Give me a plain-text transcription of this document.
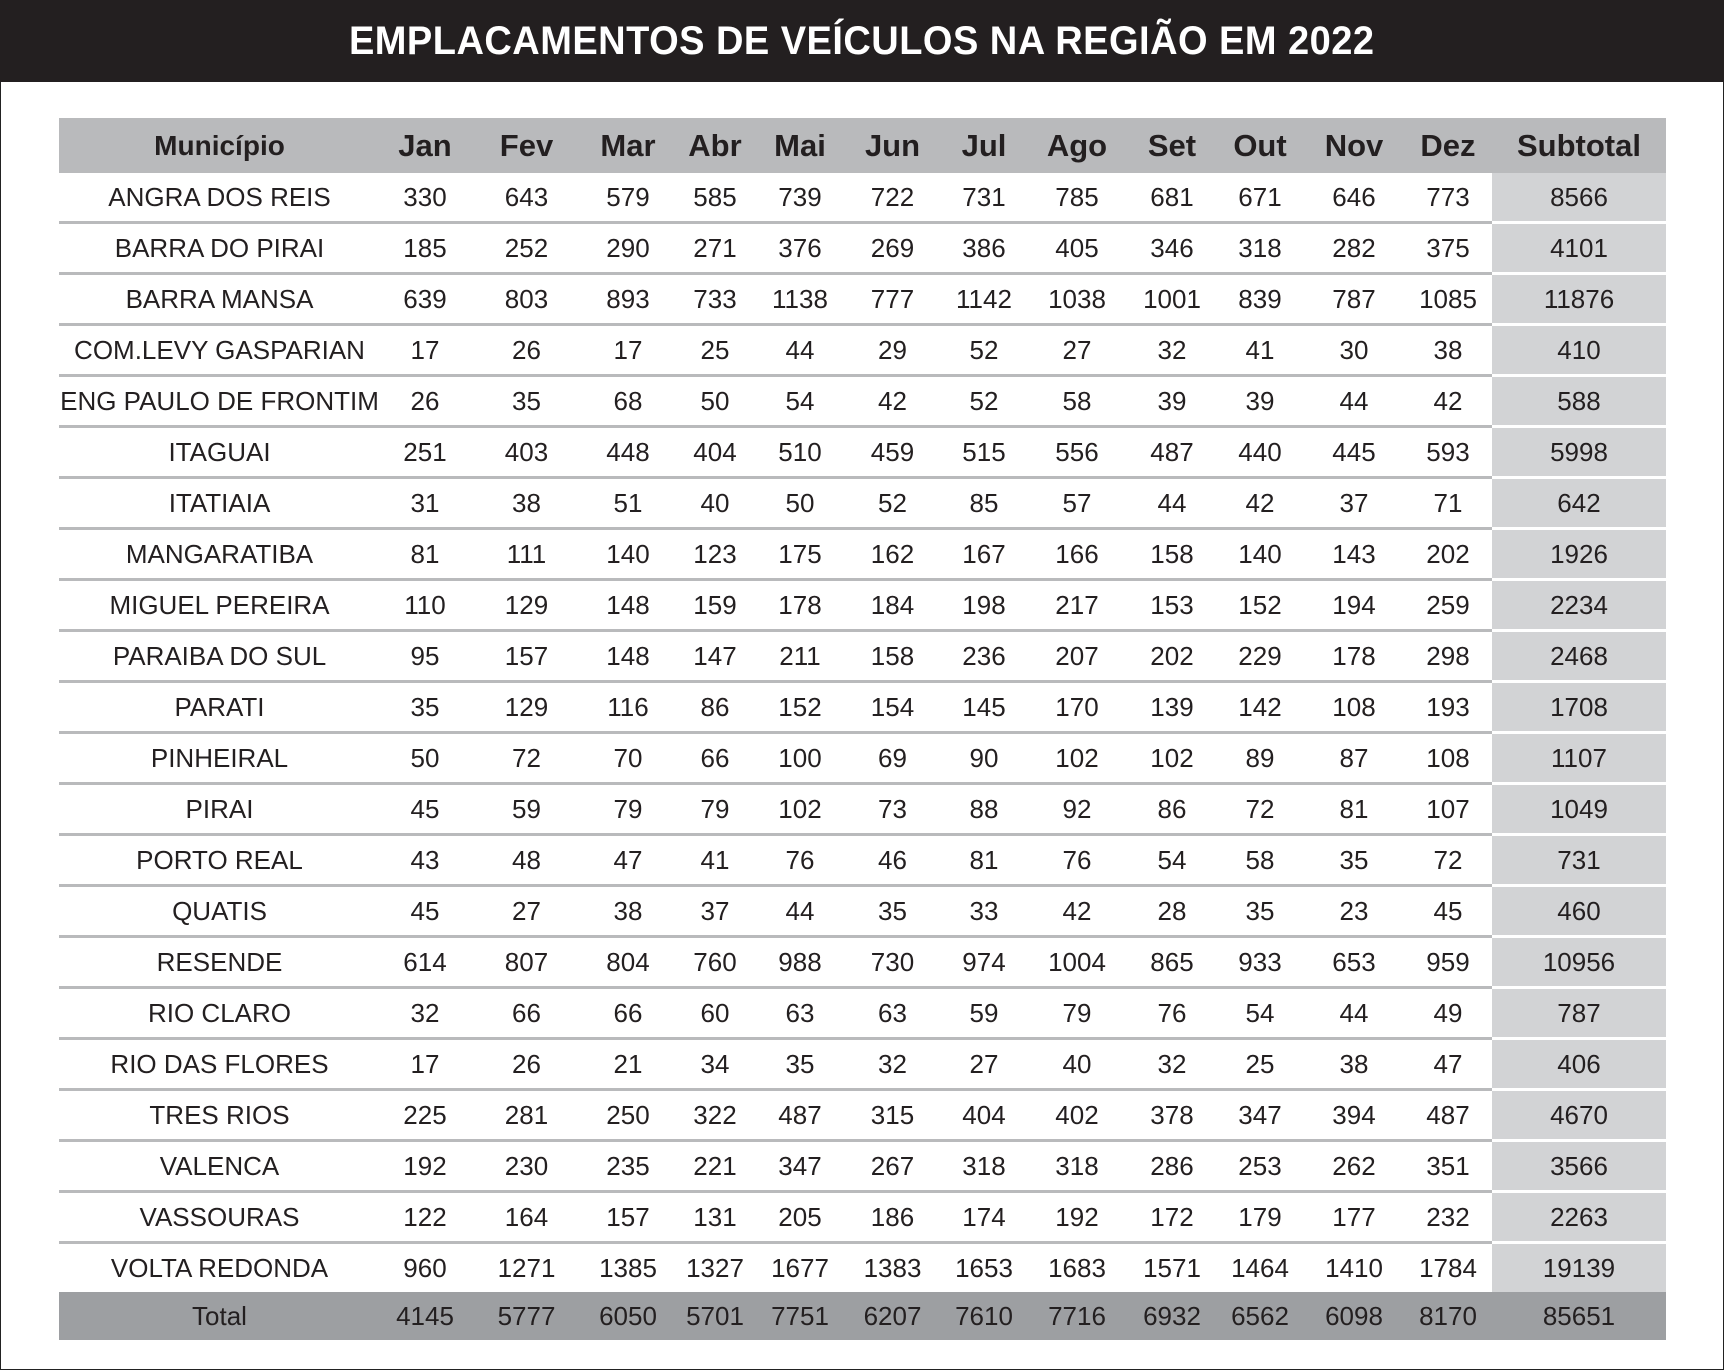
EMPLACAMENTOS DE VEÍCULOS NA REGIÃO EM 2022
Município	Jan	Fev	Mar	Abr	Mai	Jun	Jul	Ago	Set	Out	Nov	Dez	Subtotal
ANGRA DOS REIS	330	643	579	585	739	722	731	785	681	671	646	773	8566
BARRA DO PIRAI	185	252	290	271	376	269	386	405	346	318	282	375	4101
BARRA MANSA	639	803	893	733	1138	777	1142	1038	1001	839	787	1085	11876
COM.LEVY GASPARIAN	17	26	17	25	44	29	52	27	32	41	30	38	410
ENG PAULO DE FRONTIM	26	35	68	50	54	42	52	58	39	39	44	42	588
ITAGUAI	251	403	448	404	510	459	515	556	487	440	445	593	5998
ITATIAIA	31	38	51	40	50	52	85	57	44	42	37	71	642
MANGARATIBA	81	111	140	123	175	162	167	166	158	140	143	202	1926
MIGUEL PEREIRA	110	129	148	159	178	184	198	217	153	152	194	259	2234
PARAIBA DO SUL	95	157	148	147	211	158	236	207	202	229	178	298	2468
PARATI	35	129	116	86	152	154	145	170	139	142	108	193	1708
PINHEIRAL	50	72	70	66	100	69	90	102	102	89	87	108	1107
PIRAI	45	59	79	79	102	73	88	92	86	72	81	107	1049
PORTO REAL	43	48	47	41	76	46	81	76	54	58	35	72	731
QUATIS	45	27	38	37	44	35	33	42	28	35	23	45	460
RESENDE	614	807	804	760	988	730	974	1004	865	933	653	959	10956
RIO CLARO	32	66	66	60	63	63	59	79	76	54	44	49	787
RIO DAS FLORES	17	26	21	34	35	32	27	40	32	25	38	47	406
TRES RIOS	225	281	250	322	487	315	404	402	378	347	394	487	4670
VALENCA	192	230	235	221	347	267	318	318	286	253	262	351	3566
VASSOURAS	122	164	157	131	205	186	174	192	172	179	177	232	2263
VOLTA REDONDA	960	1271	1385	1327	1677	1383	1653	1683	1571	1464	1410	1784	19139
Total	4145	5777	6050	5701	7751	6207	7610	7716	6932	6562	6098	8170	85651
